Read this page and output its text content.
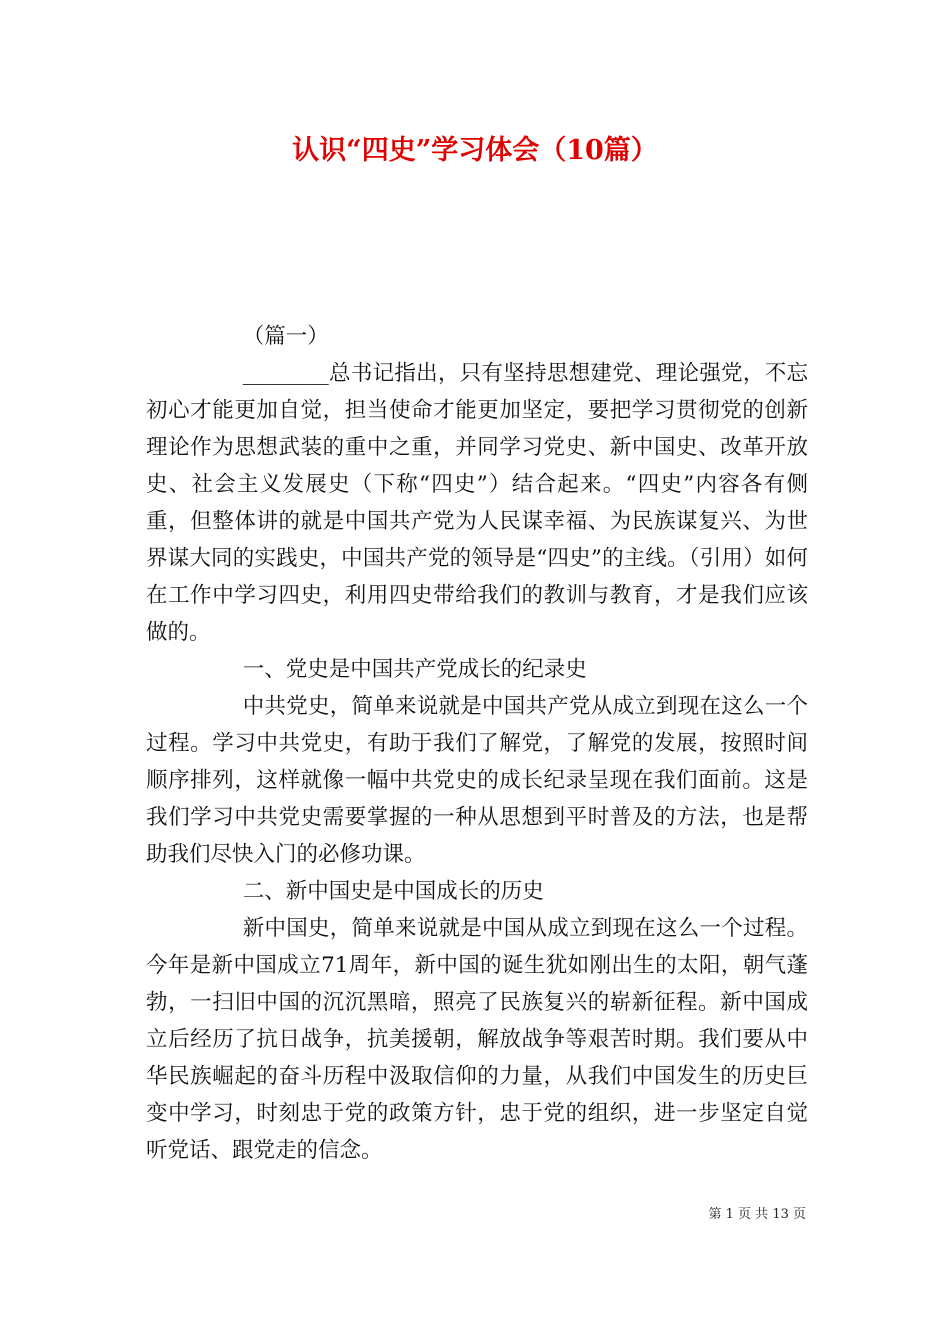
认识“四史”学习体会（10篇）

（篇一）

________总书记指出，只有坚持思想建党、理论强党，不忘初心才能更加自觉，担当使命才能更加坚定，要把学习贯彻党的创新理论作为思想武装的重中之重，并同学习党史、新中国史、改革开放史、社会主义发展史（下称“四史”）结合起来。“四史”内容各有侧重，但整体讲的就是中国共产党为人民谋幸福、为民族谋复兴、为世界谋大同的实践史，中国共产党的领导是“四史”的主线。（引用）如何在工作中学习四史，利用四史带给我们的教训与教育，才是我们应该做的。

一、党史是中国共产党成长的纪录史

中共党史，简单来说就是中国共产党从成立到现在这么一个过程。学习中共党史，有助于我们了解党，了解党的发展，按照时间顺序排列，这样就像一幅中共党史的成长纪录呈现在我们面前。这是我们学习中共党史需要掌握的一种从思想到平时普及的方法，也是帮助我们尽快入门的必修功课。

二、新中国史是中国成长的历史

新中国史，简单来说就是中国从成立到现在这么一个过程。今年是新中国成立71周年，新中国的诞生犹如刚出生的太阳，朝气蓬勃，一扫旧中国的沉沉黑暗，照亮了民族复兴的崭新征程。新中国成立后经历了抗日战争，抗美援朝，解放战争等艰苦时期。我们要从中华民族崛起的奋斗历程中汲取信仰的力量，从我们中国发生的历史巨变中学习，时刻忠于党的政策方针，忠于党的组织，进一步坚定自觉听党话、跟党走的信念。

第 1 页 共 13 页
